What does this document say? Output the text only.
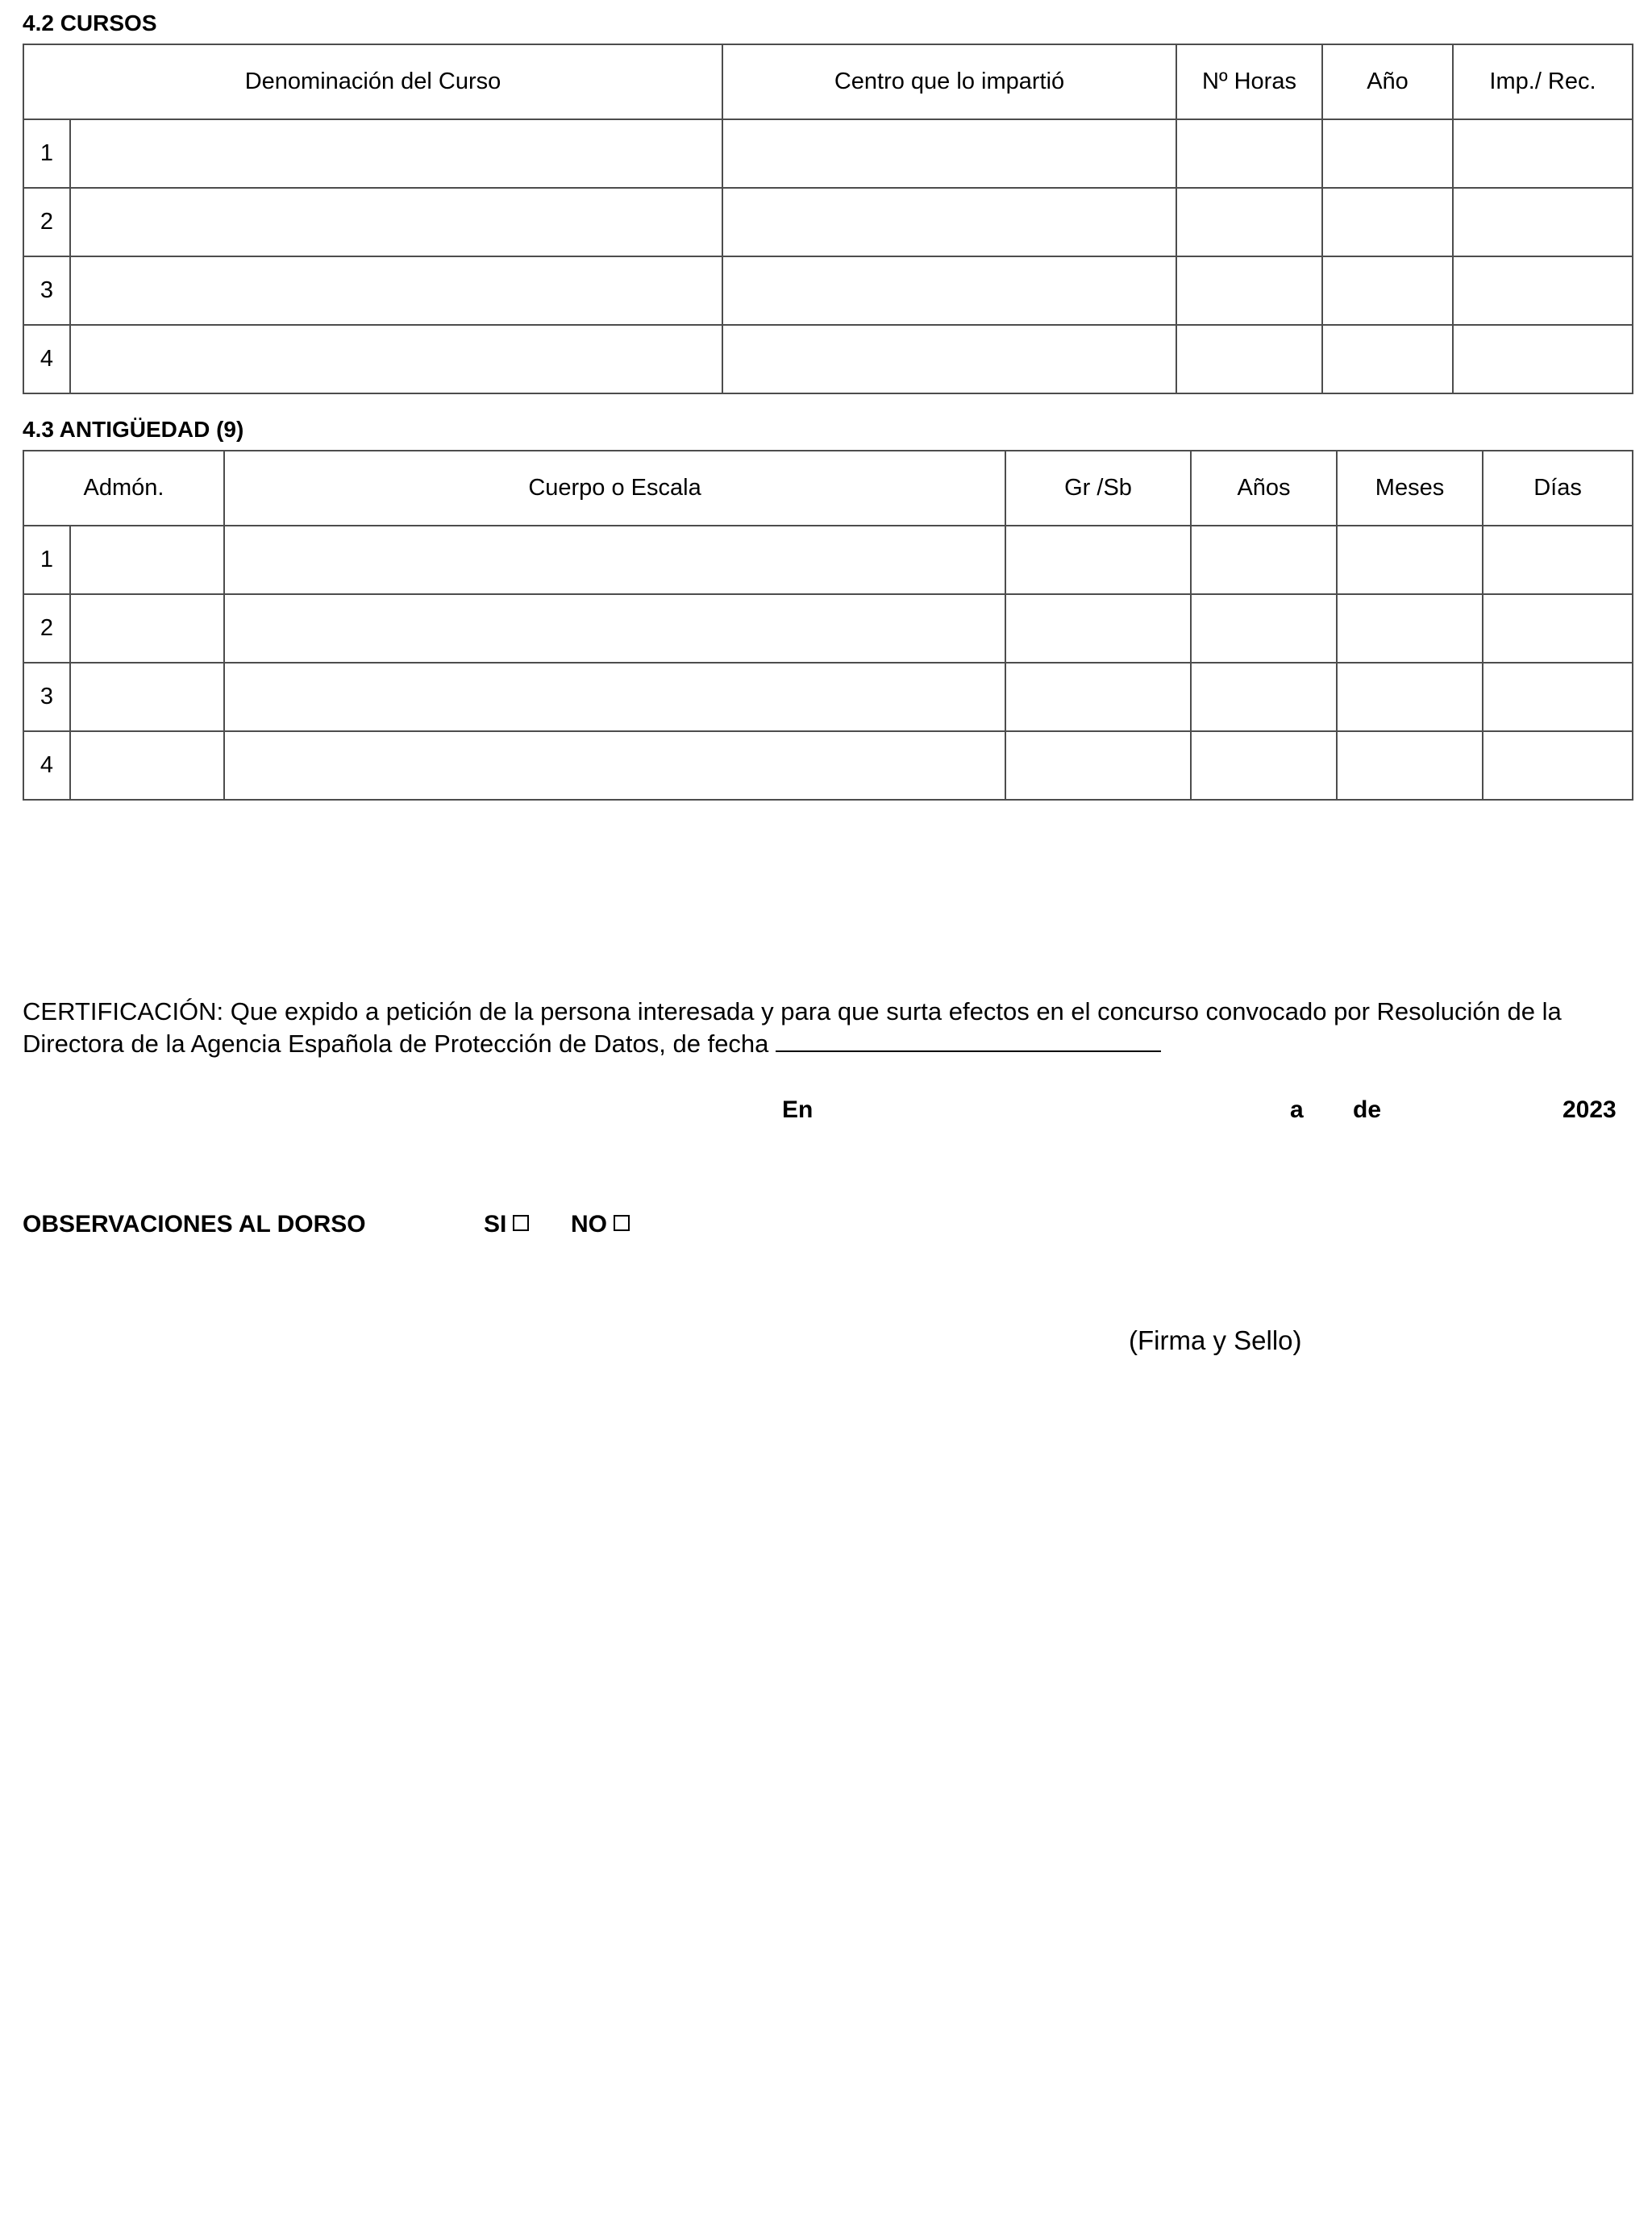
4.2 CURSOS
Denominación del Curso		Centro que lo impartió	Nº Horas	Año	Imp./ Rec.
1					
2					
3					
4					
4.3 ANTIGÜEDAD (9)
Admón.		Cuerpo o Escala	Gr /Sb	Años	Meses	Días
1						
2						
3						
4						
CERTIFICACIÓN: Que expido a petición de la persona interesada y para que surta efectos en el concurso convocado por Resolución de la Directora de la Agencia Española de Protección de Datos, de fecha
En	a de	2023
OBSERVACIONES AL DORSO	SI	NO
(Firma y Sello)
